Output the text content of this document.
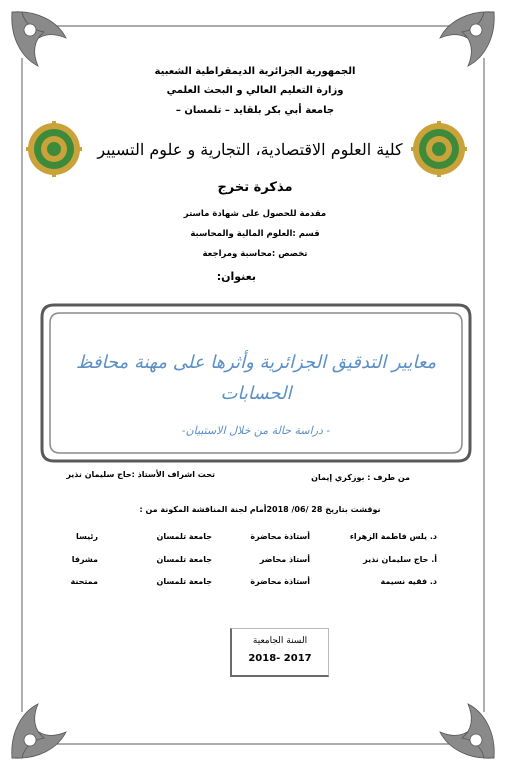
الجمهورية الجزائرية الديمقراطية الشعبية
وزارة التعليم العالي و البحث العلمي
جامعة أبي بكر بلقايد – تلمسان –
كلية العلوم الاقتصادية، التجارية و علوم التسيير
مذكرة تخرج
مقدمة للحصول على شهادة ماستر
قسم :العلوم المالية والمحاسبة
تخصص :محاسبة ومراجعة
بعنوان:
معايير التدقيق الجزائرية وأثرها على مهنة محافظ
الحسابات
- دراسة حالة من خلال الاستبيان-
من طرف : بوزكري إيمان
تحت اشراف الأستاذ :حاج سليمان نذير
نوقشت بتاريخ 28 /06/ 2018أمام لجنة المناقشة المكونة من :
د. يلس فاطمة الزهراء
أستاذة محاضرة
جامعة تلمسان
رئيسا
أ. حاج سليمان نذير
أستاذ محاضر
جامعة تلمسان
مشرفا
د. فقيه نسيمة
أستاذة محاضرة
جامعة تلمسان
ممتحنة
السنة الجامعية
2018- 2017
